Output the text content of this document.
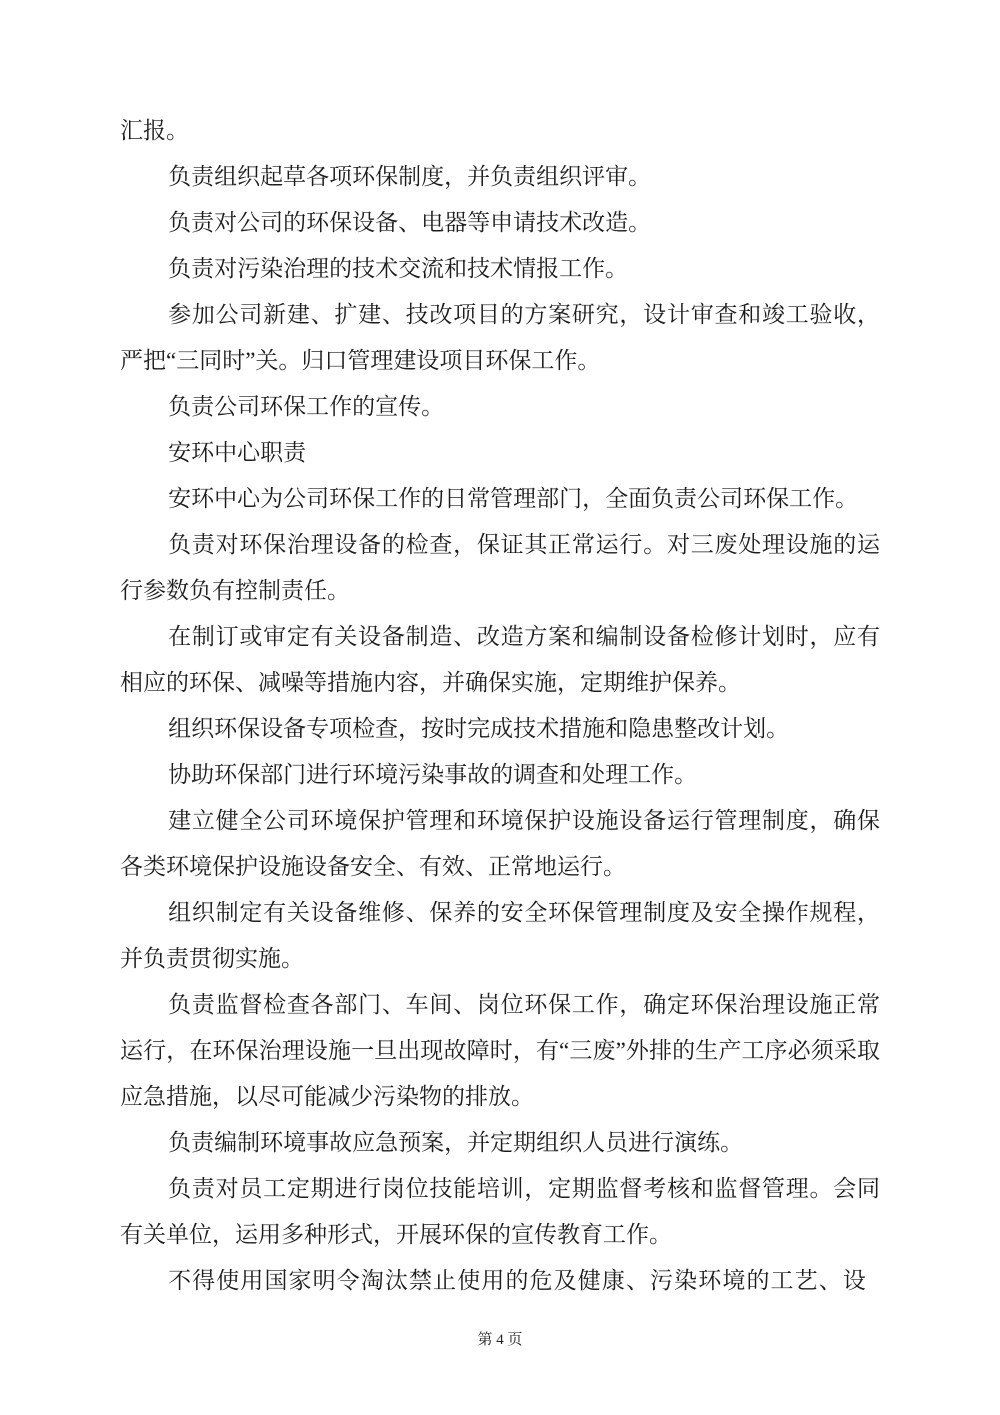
汇报。

负责组织起草各项环保制度，并负责组织评审。

负责对公司的环保设备、电器等申请技术改造。

负责对污染治理的技术交流和技术情报工作。

参加公司新建、扩建、技改项目的方案研究，设计审查和竣工验收，严把“三同时”关。归口管理建设项目环保工作。

负责公司环保工作的宣传。

安环中心职责

安环中心为公司环保工作的日常管理部门，全面负责公司环保工作。

负责对环保治理设备的检查，保证其正常运行。对三废处理设施的运行参数负有控制责任。

在制订或审定有关设备制造、改造方案和编制设备检修计划时，应有相应的环保、减噪等措施内容，并确保实施，定期维护保养。

组织环保设备专项检查，按时完成技术措施和隐患整改计划。

协助环保部门进行环境污染事故的调查和处理工作。

建立健全公司环境保护管理和环境保护设施设备运行管理制度，确保各类环境保护设施设备安全、有效、正常地运行。

组织制定有关设备维修、保养的安全环保管理制度及安全操作规程，并负责贯彻实施。

负责监督检查各部门、车间、岗位环保工作，确定环保治理设施正常运行，在环保治理设施一旦出现故障时，有“三废”外排的生产工序必须采取应急措施，以尽可能减少污染物的排放。

负责编制环境事故应急预案，并定期组织人员进行演练。

负责对员工定期进行岗位技能培训，定期监督考核和监督管理。会同有关单位，运用多种形式，开展环保的宣传教育工作。

不得使用国家明令淘汰禁止使用的危及健康、污染环境的工艺、设

第 4 页
